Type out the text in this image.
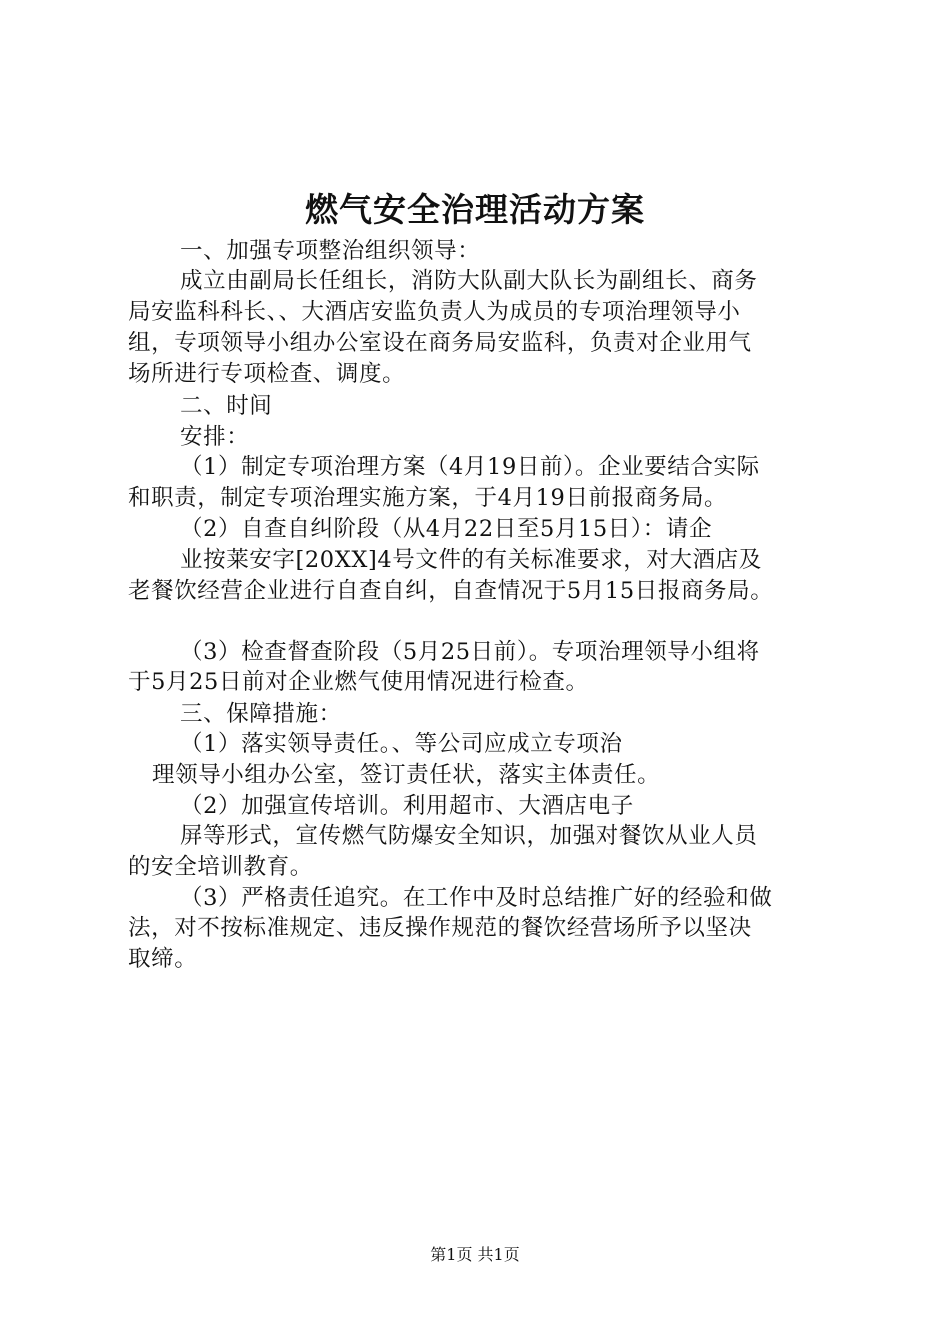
燃气安全治理活动方案
一、加强专项整治组织领导：
成立由副局长任组长，消防大队副大队长为副组长、商务
局安监科科长、、大酒店安监负责人为成员的专项治理领导小
组，专项领导小组办公室设在商务局安监科，负责对企业用气
场所进行专项检查、调度。
二、时间
安排：
（1）制定专项治理方案（4月19日前）。企业要结合实际
和职责，制定专项治理实施方案，于4月19日前报商务局。
（2）自查自纠阶段（从4月22日至5月15日）：请企
业按莱安字[20XX]4号文件的有关标准要求，对大酒店及
老餐饮经营企业进行自查自纠，自查情况于5月15日报商务局。
（3）检查督查阶段（5月25日前）。专项治理领导小组将
于5月25日前对企业燃气使用情况进行检查。
三、保障措施：
（1）落实领导责任。、等公司应成立专项治
理领导小组办公室，签订责任状，落实主体责任。
（2）加强宣传培训。利用超市、大酒店电子
屏等形式，宣传燃气防爆安全知识，加强对餐饮从业人员
的安全培训教育。
（3）严格责任追究。在工作中及时总结推广好的经验和做
法，对不按标准规定、违反操作规范的餐饮经营场所予以坚决
取缔。
第1页 共1页
